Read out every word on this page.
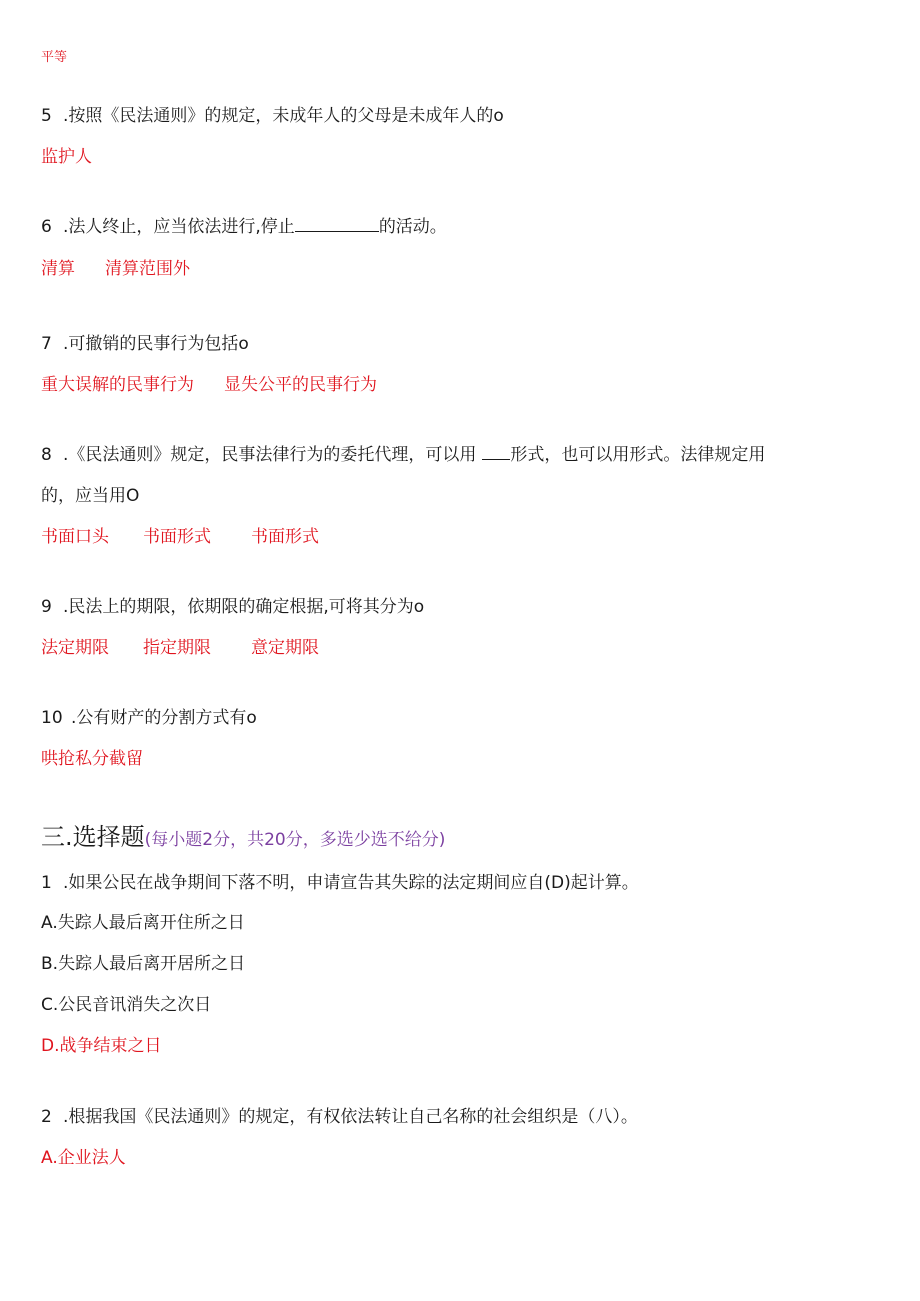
平等
5 .按照《民法通则》的规定，未成年人的父母是未成年人的o
监护人
6 .法人终止，应当依法进行,停止	的活动。
清算 清算范围外
7 .可撤销的民事行为包括o
重大误解的民事行为 显失公平的民事行为
8 .《民法通则》规定，民事法律行为的委托代理，可以用 形式，也可以用形式。法律规定用
的，应当用O
书面口头 书面形式 书面形式
9 .民法上的期限，依期限的确定根据,可将其分为o
法定期限 指定期限 意定期限
10 .公有财产的分割方式有o
哄抢私分截留
三.选择题(每小题2分，共20分，多选少选不给分)
1 .如果公民在战争期间下落不明，申请宣告其失踪的法定期间应自(D)起计算。
A.失踪人最后离开住所之日
B.失踪人最后离开居所之日
C.公民音讯消失之次日
D.战争结束之日
2 .根据我国《民法通则》的规定，有权依法转让自己名称的社会组织是（八）。
A.企业法人
